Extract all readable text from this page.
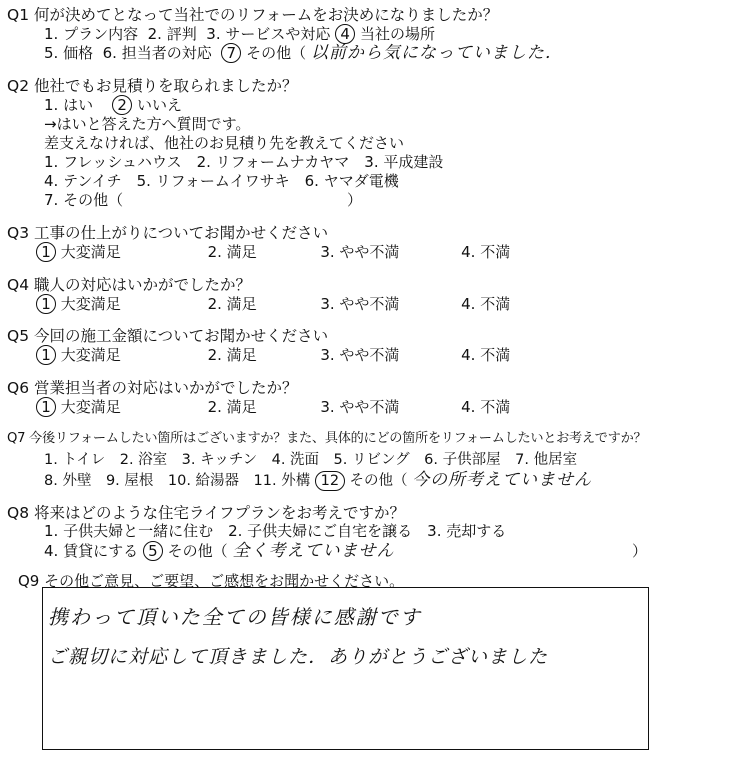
Q1 何が決めてとなって当社でのリフォームをお決めになりましたか？
1. プラン内容 2. 評判 3. サービスや対応 4 当社の場所
5. 価格 6. 担当者の対応 7 その他（ 以前から気になっていました．
Q2 他社でもお見積りを取られましたか？
1. はい 2 いいえ
→はいと答えた方へ質問です。
差支えなければ、他社のお見積り先を教えてください
1. フレッシュハウス　2. リフォームナカヤマ　3. 平成建設
4. テンイチ　5. リフォームイワサキ　6. ヤマダ電機
7. その他（	）
Q3 工事の仕上がりについてお聞かせください
1 大変満足	2. 満足	3. やや不満	4. 不満
Q4 職人の対応はいかがでしたか？
1 大変満足	2. 満足	3. やや不満	4. 不満
Q5 今回の施工金額についてお聞かせください
1 大変満足	2. 満足	3. やや不満	4. 不満
Q6 営業担当者の対応はいかがでしたか？
1 大変満足	2. 満足	3. やや不満	4. 不満
Q7 今後リフォームしたい箇所はございますか？また、具体的にどの箇所をリフォームしたいとお考えですか？
1. トイレ　2. 浴室　3. キッチン　4. 洗面　5. リビング　6. 子供部屋　7. 他居室
8. 外壁　9. 屋根　10. 給湯器　11. 外構 12 その他（ 今の所考えていません
Q8 将来はどのような住宅ライフプランをお考えですか？
1. 子供夫婦と一緒に住む　2. 子供夫婦にご自宅を譲る　3. 売却する
4. 賃貸にする 5 その他（ 全く考えていません	）
Q9 その他ご意見、ご要望、ご感想をお聞かせください。
携わって頂いた全ての皆様に感謝です
ご親切に対応して頂きました．ありがとうございました
